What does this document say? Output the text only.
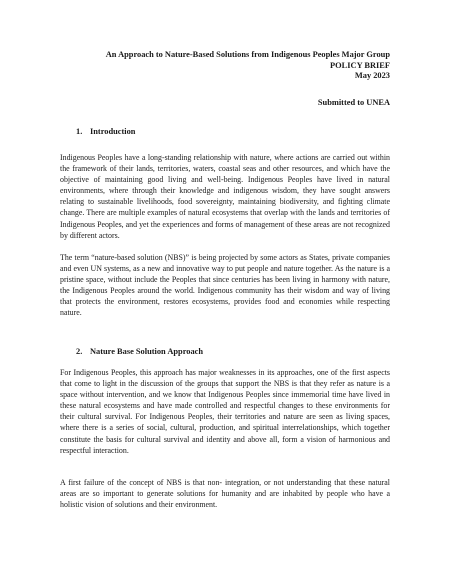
An Approach to Nature-Based Solutions from Indigenous Peoples Major Group
POLICY BRIEF
May 2023
Submitted to UNEA
1. Introduction

Indigenous Peoples have a long-standing relationship with nature, where actions are carried out within the framework of their lands, territories, waters, coastal seas and other resources, and which have the objective of maintaining good living and well-being. Indigenous Peoples have lived in natural environments, where through their knowledge and indigenous wisdom, they have sought answers relating to sustainable livelihoods, food sovereignty, maintaining biodiversity, and fighting climate change. There are multiple examples of natural ecosystems that overlap with the lands and territories of Indigenous Peoples, and yet the experiences and forms of management of these areas are not recognized by different actors.

The term “nature-based solution (NBS)” is being projected by some actors as States, private companies and even UN systems, as a new and innovative way to put people and nature together. As the nature is a pristine space, without include the Peoples that since centuries has been living in harmony with nature, the Indigenous Peoples around the world. Indigenous community has their wisdom and way of living that protects the environment, restores ecosystems, provides food and economies while respecting nature.

2. Nature Base Solution Approach

For Indigenous Peoples, this approach has major weaknesses in its approaches, one of the first aspects that come to light in the discussion of the groups that support the NBS is that they refer as nature is a space without intervention, and we know that Indigenous Peoples since immemorial time have lived in these natural ecosystems and have made controlled and respectful changes to these environments for their cultural survival. For Indigenous Peoples, their territories and nature are seen as living spaces, where there is a series of social, cultural, production, and spiritual interrelationships, which together constitute the basis for cultural survival and identity and above all, form a vision of harmonious and respectful interaction.

A first failure of the concept of NBS is that non- integration, or not understanding that these natural areas are so important to generate solutions for humanity and are inhabited by people who have a holistic vision of solutions and their environment.
